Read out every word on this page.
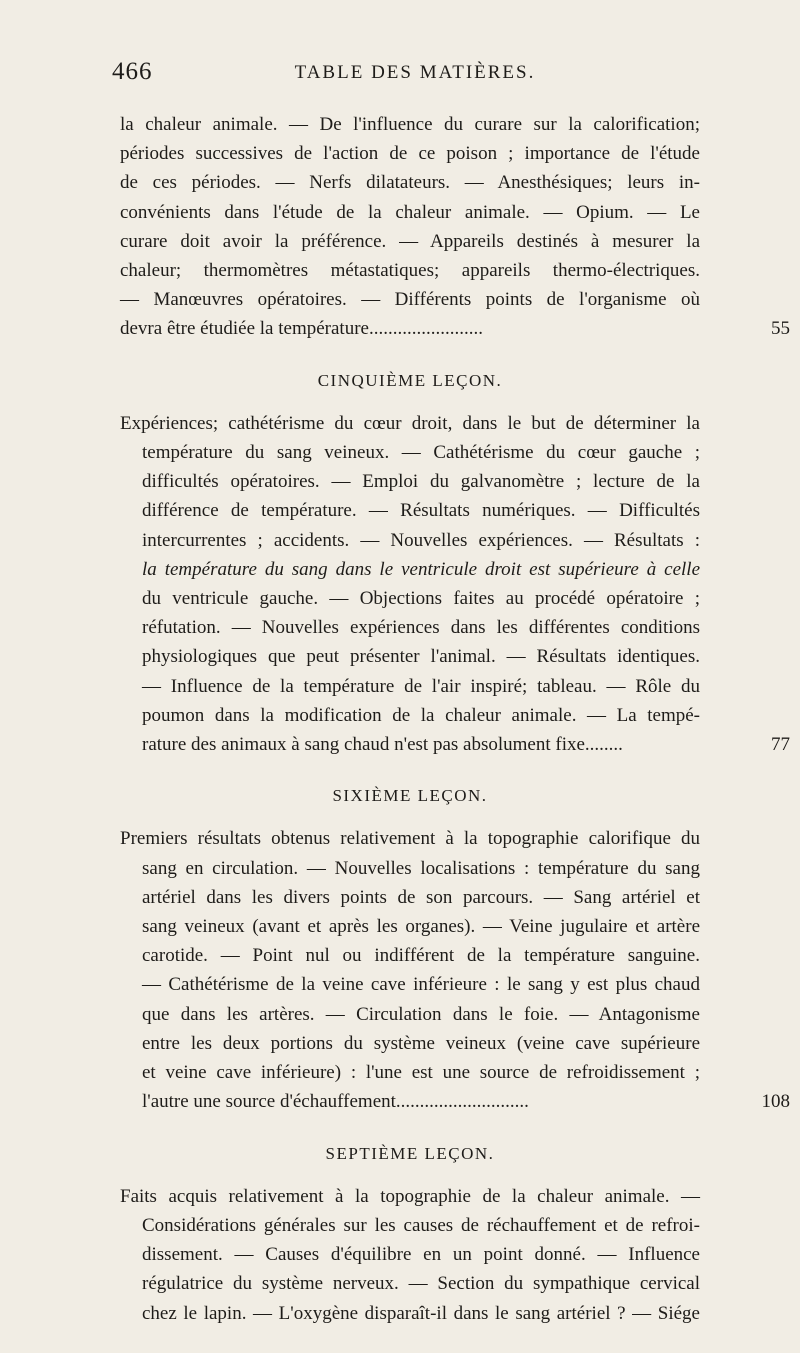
466	TABLE DES MATIÈRES.
la chaleur animale. — De l'influence du curare sur la calorification;
périodes successives de l'action de ce poison ; importance de l'étude
de ces périodes. — Nerfs dilatateurs. — Anesthésiques; leurs in-
convénients dans l'étude de la chaleur animale. — Opium. — Le
curare doit avoir la préférence. — Appareils destinés à mesurer la
chaleur; thermomètres métastatiques; appareils thermo-électriques.
— Manœuvres opératoires. — Différents points de l'organisme où
devra être étudiée la température........................	55
CINQUIÈME LEÇON.
Expériences; cathétérisme du cœur droit, dans le but de déterminer la
température du sang veineux. — Cathétérisme du cœur gauche ;
difficultés opératoires. — Emploi du galvanomètre ; lecture de la
différence de température. — Résultats numériques. — Difficultés
intercurrentes ; accidents. — Nouvelles expériences. — Résultats :
la température du sang dans le ventricule droit est supérieure à celle
du ventricule gauche. — Objections faites au procédé opératoire ;
réfutation. — Nouvelles expériences dans les différentes conditions
physiologiques que peut présenter l'animal. — Résultats identiques.
— Influence de la température de l'air inspiré; tableau. — Rôle du
poumon dans la modification de la chaleur animale. — La tempé-
rature des animaux à sang chaud n'est pas absolument fixe........	77
SIXIÈME LEÇON.
Premiers résultats obtenus relativement à la topographie calorifique du
sang en circulation. — Nouvelles localisations : température du sang
artériel dans les divers points de son parcours. — Sang artériel et
sang veineux (avant et après les organes). — Veine jugulaire et artère
carotide. — Point nul ou indifférent de la température sanguine.
— Cathétérisme de la veine cave inférieure : le sang y est plus chaud
que dans les artères. — Circulation dans le foie. — Antagonisme
entre les deux portions du système veineux (veine cave supérieure
et veine cave inférieure) : l'une est une source de refroidissement ;
l'autre une source d'échauffement............................	108
SEPTIÈME LEÇON.
Faits acquis relativement à la topographie de la chaleur animale. —
Considérations générales sur les causes de réchauffement et de refroi-
dissement. — Causes d'équilibre en un point donné. — Influence
régulatrice du système nerveux. — Section du sympathique cervical
chez le lapin. — L'oxygène disparaît-il dans le sang artériel ? — Siége
